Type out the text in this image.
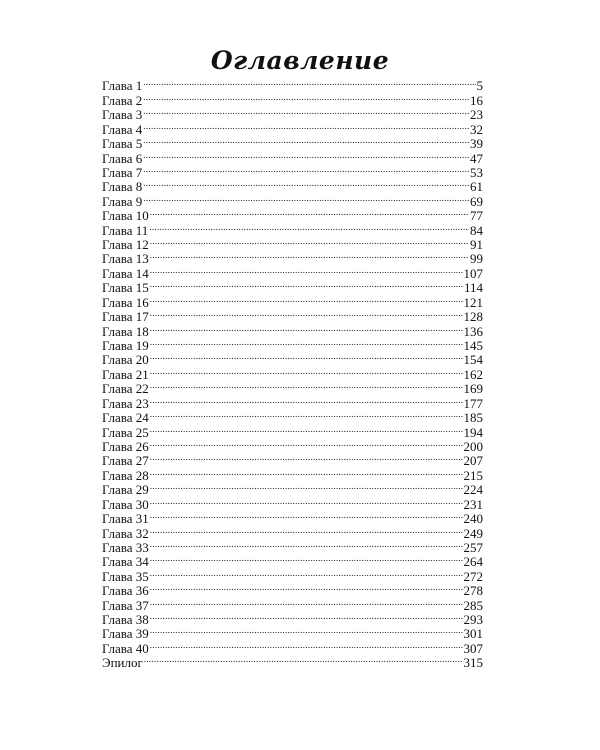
Оглавление
Глава 1 .....	5
Глава 2 .....	16
Глава 3 .....	23
Глава 4 .....	32
Глава 5 .....	39
Глава 6 .....	47
Глава 7 .....	53
Глава 8 .....	61
Глава 9 .....	69
Глава 10 .....	77
Глава 11 .....	84
Глава 12 .....	91
Глава 13 .....	99
Глава 14 .....	107
Глава 15 .....	114
Глава 16 .....	121
Глава 17 .....	128
Глава 18 .....	136
Глава 19 .....	145
Глава 20 .....	154
Глава 21 .....	162
Глава 22 .....	169
Глава 23 .....	177
Глава 24 .....	185
Глава 25 .....	194
Глава 26 .....	200
Глава 27 .....	207
Глава 28 .....	215
Глава 29 .....	224
Глава 30 .....	231
Глава 31 .....	240
Глава 32 .....	249
Глава 33 .....	257
Глава 34 .....	264
Глава 35 .....	272
Глава 36 .....	278
Глава 37 .....	285
Глава 38 .....	293
Глава 39 .....	301
Глава 40 .....	307
Эпилог .....	315
